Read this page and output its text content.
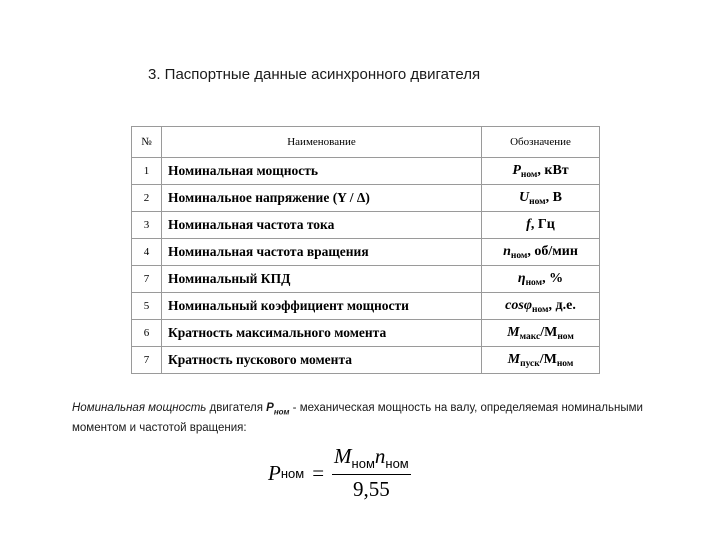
3. Паспортные данные асинхронного двигателя
№	Наименование	Обозначение
1	Номинальная мощность	$P_{ном}$, кВт
2	Номинальное напряжение (Y / Δ)	$U_{ном}$, В
3	Номинальная частота тока	f, Гц
4	Номинальная частота вращения	$n_{ном}$, об/мин
7	Номинальный КПД	$\eta_{ном}$, %
5	Номинальный коэффициент мощности	cosφ$_{ном}$, д.е.
6	Кратность максимального момента	$M_{макс}/M_{ном}$
7	Кратность пускового момента	$M_{пуск}/M_{ном}$
Номинальная мощность двигателя $P_{ном}$ - механическая мощность на валу, определяемая номинальными моментом и частотой вращения:
P ном = $\frac{M_{ном}n_{ном}}{9,55}$
